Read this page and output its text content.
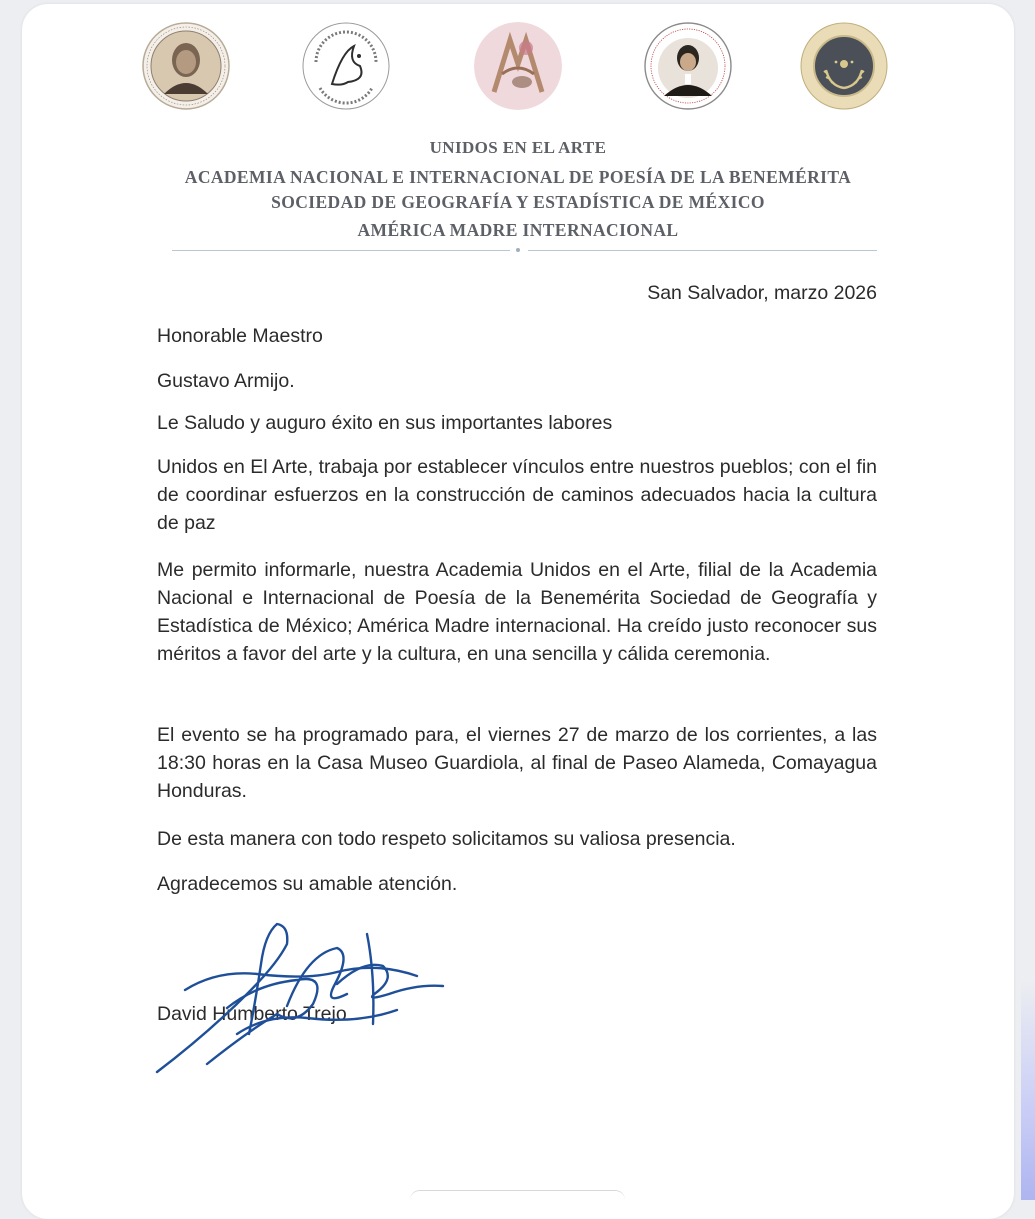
UNIDOS EN EL ARTE
ACADEMIA NACIONAL E INTERNACIONAL DE POESÍA DE LA BENEMÉRITA
SOCIEDAD DE GEOGRAFÍA Y ESTADÍSTICA DE MÉXICO
AMÉRICA MADRE INTERNACIONAL
San Salvador, marzo 2026
Honorable Maestro
Gustavo Armijo.
Le Saludo y auguro éxito en sus importantes labores
Unidos en El Arte, trabaja por establecer vínculos entre nuestros pueblos; con el fin de coordinar esfuerzos en la construcción de caminos adecuados hacia la cultura de paz
Me permito informarle, nuestra Academia Unidos en el Arte, filial de la Academia Nacional e Internacional de Poesía de la Benemérita Sociedad de Geografía y Estadística de México; América Madre internacional. Ha creído justo reconocer sus méritos a favor del arte y la cultura, en una sencilla y cálida ceremonia.
El evento se ha programado para, el viernes 27 de marzo de los corrientes, a las 18:30 horas en la Casa Museo Guardiola, al final de Paseo Alameda, Comayagua Honduras.
De esta manera con todo respeto solicitamos su valiosa presencia.
Agradecemos su amable atención.
David Humberto Trejo
